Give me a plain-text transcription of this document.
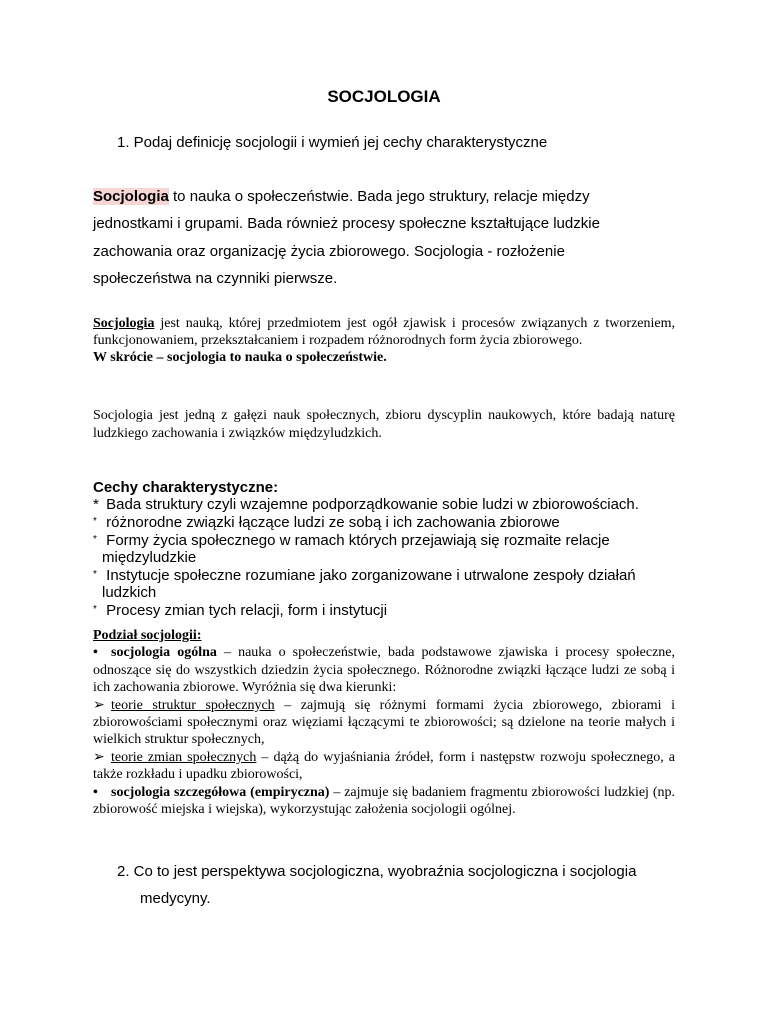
SOCJOLOGIA

1. Podaj definicję socjologii i wymień jej cechy charakterystyczne

Socjologia to nauka o społeczeństwie. Bada jego struktury, relacje między jednostkami i grupami. Bada również procesy społeczne kształtujące ludzkie zachowania oraz organizację życia zbiorowego. Socjologia - rozłożenie społeczeństwa na czynniki pierwsze.

Socjologia jest nauką, której przedmiotem jest ogół zjawisk i procesów związanych z tworzeniem, funkcjonowaniem, przekształcaniem i rozpadem różnorodnych form życia zbiorowego.
W skrócie – socjologia to nauka o społeczeństwie.

Socjologia jest jedną z gałęzi nauk społecznych, zbioru dyscyplin naukowych, które badają naturę ludzkiego zachowania i związków międzyludzkich.

Cechy charakterystyczne:
* Bada struktury czyli wzajemne podporządkowanie sobie ludzi w zbiorowościach.
* różnorodne związki łączące ludzi ze sobą i ich zachowania zbiorowe
* Formy życia społecznego w ramach których przejawiają się rozmaite relacje międzyludzkie
* Instytucje społeczne rozumiane jako zorganizowane i utrwalone zespoły działań ludzkich
* Procesy zmian tych relacji, form i instytucji
Podział socjologii:
• socjologia ogólna – nauka o społeczeństwie, bada podstawowe zjawiska i procesy społeczne, odnoszące się do wszystkich dziedzin życia społecznego. Różnorodne związki łączące ludzi ze sobą i ich zachowania zbiorowe. Wyróżnia się dwa kierunki:
➢ teorie struktur społecznych – zajmują się różnymi formami życia zbiorowego, zbiorami i zbiorowościami społecznymi oraz więziami łączącymi te zbiorowości; są dzielone na teorie małych i wielkich struktur społecznych,
➢ teorie zmian społecznych – dążą do wyjaśniania źródeł, form i następstw rozwoju społecznego, a także rozkładu i upadku zbiorowości,
• socjologia szczegółowa (empiryczna) – zajmuje się badaniem fragmentu zbiorowości ludzkiej (np. zbiorowość miejska i wiejska), wykorzystując założenia socjologii ogólnej.
2. Co to jest perspektywa socjologiczna, wyobraźnia socjologiczna i socjologia
medycyny.
